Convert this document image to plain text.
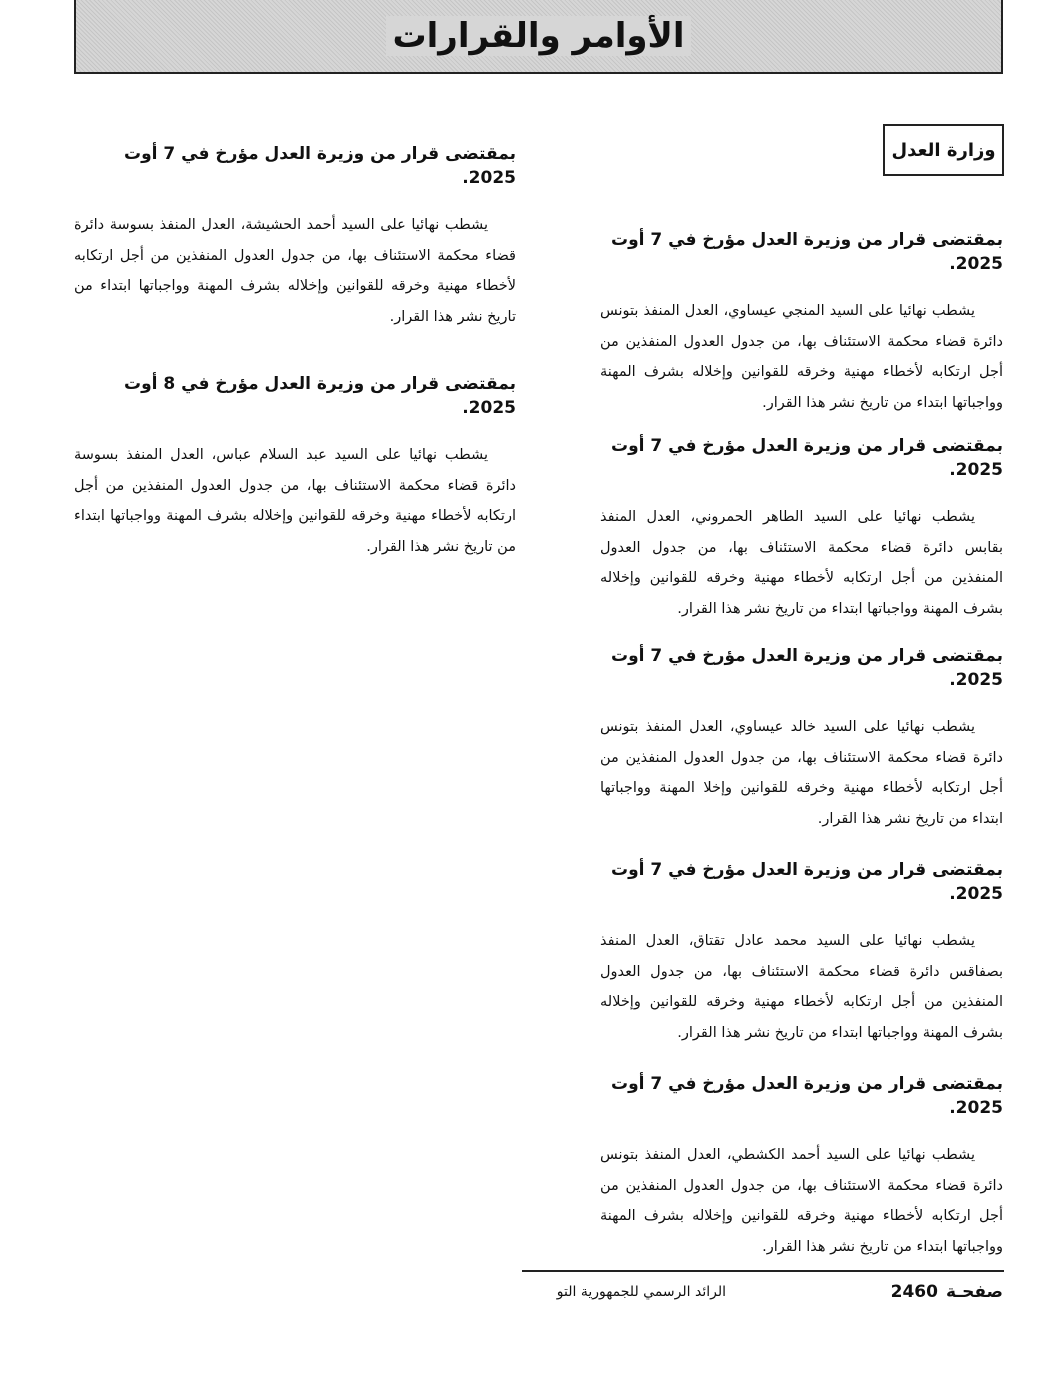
الأوامر والقرارات
وزارة العدل
بمقتضى قرار من وزيرة العدل مؤرخ في 7 أوت 2025.

يشطب نهائيا على السيد المنجي عيساوي، العدل المنفذ بتونس دائرة قضاء محكمة الاستئناف بها، من جدول العدول المنفذين من أجل ارتكابه لأخطاء مهنية وخرقه للقوانين وإخلاله بشرف المهنة وواجباتها ابتداء من تاريخ نشر هذا القرار.

بمقتضى قرار من وزيرة العدل مؤرخ في 7 أوت 2025.

يشطب نهائيا على السيد الطاهر الحمروني، العدل المنفذ بقابس دائرة قضاء محكمة الاستئناف بها، من جدول العدول المنفذين من أجل ارتكابه لأخطاء مهنية وخرقه للقوانين وإخلاله بشرف المهنة وواجباتها ابتداء من تاريخ نشر هذا القرار.

بمقتضى قرار من وزيرة العدل مؤرخ في 7 أوت 2025.

يشطب نهائيا على السيد خالد عيساوي، العدل المنفذ بتونس دائرة قضاء محكمة الاستئناف بها، من جدول العدول المنفذين من أجل ارتكابه لأخطاء مهنية وخرقه للقوانين وإخلا المهنة وواجباتها ابتداء من تاريخ نشر هذا القرار.

بمقتضى قرار من وزيرة العدل مؤرخ في 7 أوت 2025.

يشطب نهائيا على السيد محمد عادل تقتاق، العدل المنفذ بصفاقس دائرة قضاء محكمة الاستئناف بها، من جدول العدول المنفذين من أجل ارتكابه لأخطاء مهنية وخرقه للقوانين وإخلاله بشرف المهنة وواجباتها ابتداء من تاريخ نشر هذا القرار.

بمقتضى قرار من وزيرة العدل مؤرخ في 7 أوت 2025.

يشطب نهائيا على السيد أحمد الكشطي، العدل المنفذ بتونس دائرة قضاء محكمة الاستئناف بها، من جدول العدول المنفذين من أجل ارتكابه لأخطاء مهنية وخرقه للقوانين وإخلاله بشرف المهنة وواجباتها ابتداء من تاريخ نشر هذا القرار.

بمقتضى قرار من وزيرة العدل مؤرخ في 7 أوت 2025.

يشطب نهائيا على السيد أحمد الحشيشة، العدل المنفذ بسوسة دائرة قضاء محكمة الاستئناف بها، من جدول العدول المنفذين من أجل ارتكابه لأخطاء مهنية وخرقه للقوانين وإخلاله بشرف المهنة وواجباتها ابتداء من تاريخ نشر هذا القرار.

بمقتضى قرار من وزيرة العدل مؤرخ في 8 أوت 2025.

يشطب نهائيا على السيد عبد السلام عباس، العدل المنفذ بسوسة دائرة قضاء محكمة الاستئناف بها، من جدول العدول المنفذين من أجل ارتكابه لأخطاء مهنية وخرقه للقوانين وإخلاله بشرف المهنة وواجباتها ابتداء من تاريخ نشر هذا القرار.

صفحـة2460
الرائد الرسمي للجمهورية التو
